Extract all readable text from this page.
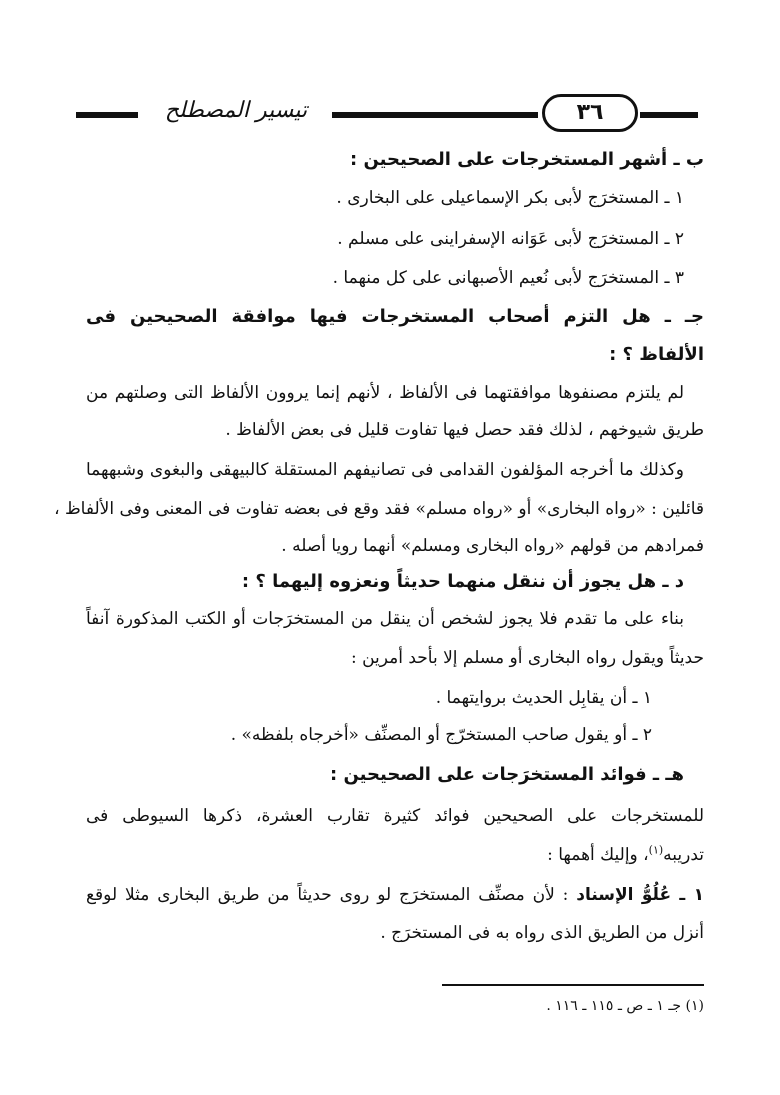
٣٦
تيسير المصطلح
ب ـ أشهر المستخرجات على الصحيحين :
١ ـ المستخرَج لأبى بكر الإسماعيلى على البخارى .
٢ ـ المستخرَج لأبى عَوَانه الإسفراينى على مسلم .
٣ ـ المستخرَج لأبى نُعيم الأصبهانى على كل منهما .
جـ ـ هل التزم أصحاب المستخرجات فيها موافقة الصحيحين فى
الألفاظ ؟ :
لم يلتزم مصنفوها موافقتهما فى الألفاظ ، لأنهم إنما يروون الألفاظ التى وصلتهم من
طريق شيوخهم ، لذلك فقد حصل فيها تفاوت قليل فى بعض الألفاظ .
وكذلك ما أخرجه المؤلفون القدامى فى تصانيفهم المستقلة كالبيهقى والبغوى وشبههما
قائلين : «رواه البخارى» أو «رواه مسلم» فقد وقع فى بعضه تفاوت فى المعنى وفى الألفاظ ،
فمرادهم من قولهم «رواه البخارى ومسلم» أنهما رويا أصله .
د ـ هل يجوز أن ننقل منهما حديثاً ونعزوه إليهما ؟ :
بناء على ما تقدم فلا يجوز لشخص أن ينقل من المستخرَجات أو الكتب المذكورة آنفاً
حديثاً ويقول رواه البخارى أو مسلم إلا بأحد أمرين :
١ ـ أن يقابِل الحديث بروايتهما .
٢ ـ أو يقول صاحب المستخرّج أو المصنِّف «أخرجاه بلفظه» .
هـ ـ فوائد المستخرَجات على الصحيحين :
للمستخرجات على الصحيحين فوائد كثيرة تقارب العشرة، ذكرها السيوطى فى
تدريبه$^{(١)}$، وإليك أهمها :
١ ـ عُلُوُّ الإسناد : لأن مصنِّف المستخرَج لو روى حديثاً من طريق البخارى مثلا لوقع
أنزل من الطريق الذى رواه به فى المستخرَج .
(١) جـ ١ ـ ص ـ ١١٥ ـ ١١٦ .
